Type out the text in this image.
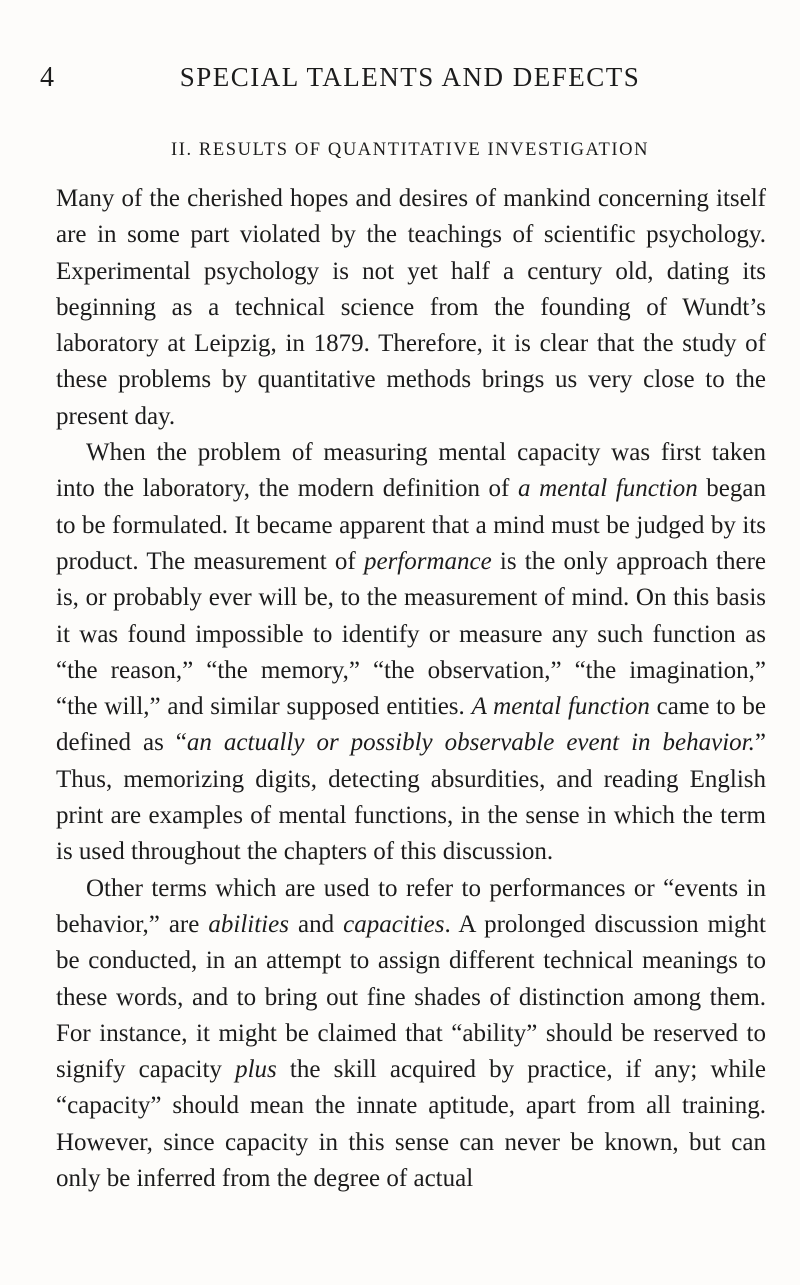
4	SPECIAL TALENTS AND DEFECTS
II. RESULTS OF QUANTITATIVE INVESTIGATION

Many of the cherished hopes and desires of mankind concerning itself are in some part violated by the teachings of scientific psychology. Experimental psychology is not yet half a century old, dating its beginning as a technical science from the founding of Wundt’s laboratory at Leipzig, in 1879. Therefore, it is clear that the study of these problems by quantitative methods brings us very close to the present day.

When the problem of measuring mental capacity was first taken into the laboratory, the modern definition of a mental function began to be formulated. It became apparent that a mind must be judged by its product. The measurement of performance is the only approach there is, or probably ever will be, to the measurement of mind. On this basis it was found impossible to identify or measure any such function as “the reason,” “the memory,” “the observation,” “the imagination,” “the will,” and similar supposed entities. A mental function came to be defined as “an actually or possibly observable event in behavior.” Thus, memorizing digits, detecting absurdities, and reading English print are examples of mental functions, in the sense in which the term is used throughout the chapters of this discussion.

Other terms which are used to refer to performances or “events in behavior,” are abilities and capacities. A prolonged discussion might be conducted, in an attempt to assign different technical meanings to these words, and to bring out fine shades of distinction among them. For instance, it might be claimed that “ability” should be reserved to signify capacity plus the skill acquired by practice, if any; while “capacity” should mean the innate aptitude, apart from all training. However, since capacity in this sense can never be known, but can only be inferred from the degree of actual
